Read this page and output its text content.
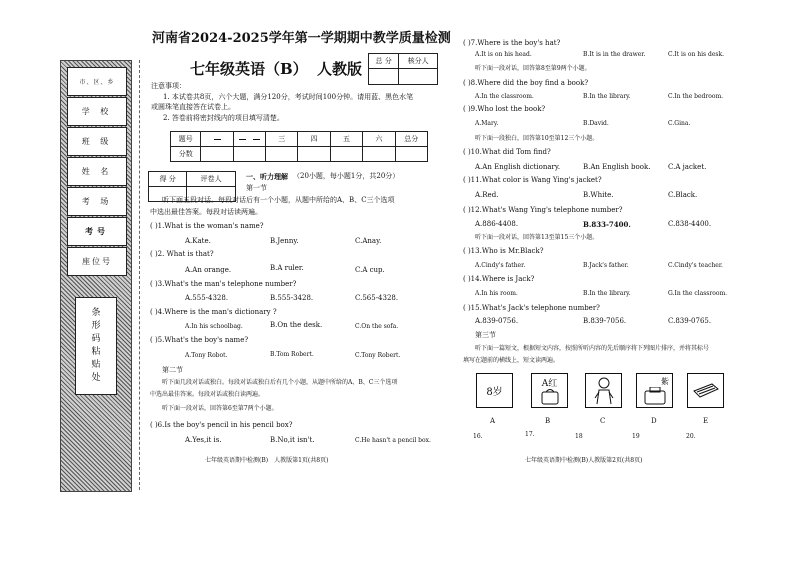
市、区、乡
学 校
班 级
姓 名
考 场
考号
座位号
条
形
码
粘
贴
处
河南省2024-2025学年第一学期期中教学质量检测
七年级英语（B） 人教版 总 分	核分人

注意事项：
1. 本试卷共8页，六个大题，满分120分，考试时间100分钟。请用蓝、黑色水笔
或圆珠笔直接答在试卷上。
2. 答卷前将密封线内的项目填写清楚。
题号		　	三	四	五	六	总分
分数							
得 分	评卷人
		一、听力理解 （20小题，每小题1分，共20分）
第一节
听下面五段对话。每段对话后有一个小题，从题中所给的A、B、C三个选项
中选出最佳答案。每段对话读两遍。
( )1.What is the woman's name?
A.Kate.	B.Jenny.	C.Anay.
( )2. What is that?
A.An orange.	B.A ruler.	C.A cup.
( )3.What's the man's telephone number?
A.555-4328.	B.555-3428.	C.565-4328.
( )4.Where is the man's dictionary ?
A.In his schoolbag.	B.On the desk.	C.On the sofa.
( )5.What's the boy's name?
A.Tony Robot.	B.Tom Robert.	C.Tony Robert.
第二节
听下面几段对话或独白。每段对话或独白后有几个小题，从题中所给的A、B、C三个选项
中选出最佳答案。每段对话或独白读两遍。
听下面一段对话，回答第6至第7两个小题。
( )6.Is the boy's pencil in his pencil box?
A.Yes,it is.	B.No,it isn't.	C.He hasn't a pencil box.
七年级英语期中检测(B)　人教版第1页(共8页)
( )7.Where is the boy's hat?
A.It is on his head.	B.It is in the drawer.	C.It is on his desk.
听下面一段对话，回答第8至第9两个小题。
( )8.Where did the boy find a book?
A.In the classroom.	B.In the library.	C.In the bedroom.
( )9.Who lost the book?
A.Mary.	B.David.	C.Gina.
听下面一段独白，回答第10至第12三个小题。
( )10.What did Tom find?
A.An English dictionary.	B.An English book.	C.A jacket.
( )11.What color is Wang Ying's jacket?
A.Red.	B.White.	C.Black.
( )12.What's Wang Ying's telephone number?
A.886-4408.	B.833-7400.	C.838-4400.
听下面一段对话，回答第13至第15三个小题。
( )13.Who is Mr.Black?
A.Cindy's father.	B.Jack's father.	C.Cindy's teacher.
( )14.Where is Jack?
A.In his room.	B.In the library.	G.In the classroom.
( )15.What's Jack's telephone number?
A.839-0756.	B.839-7056.	C.839-0765.
第三节
听下面一篇短文，根据短文内容，按照所听内容的先后顺序将下列图片排序，并将其标号
填写在题前的横线上，短文读两遍。
8岁
A红	紫
A	B	C	D	E
16.	17.	18	19	20.
七年级英语期中检测(B)人教版第2页(共8页)
